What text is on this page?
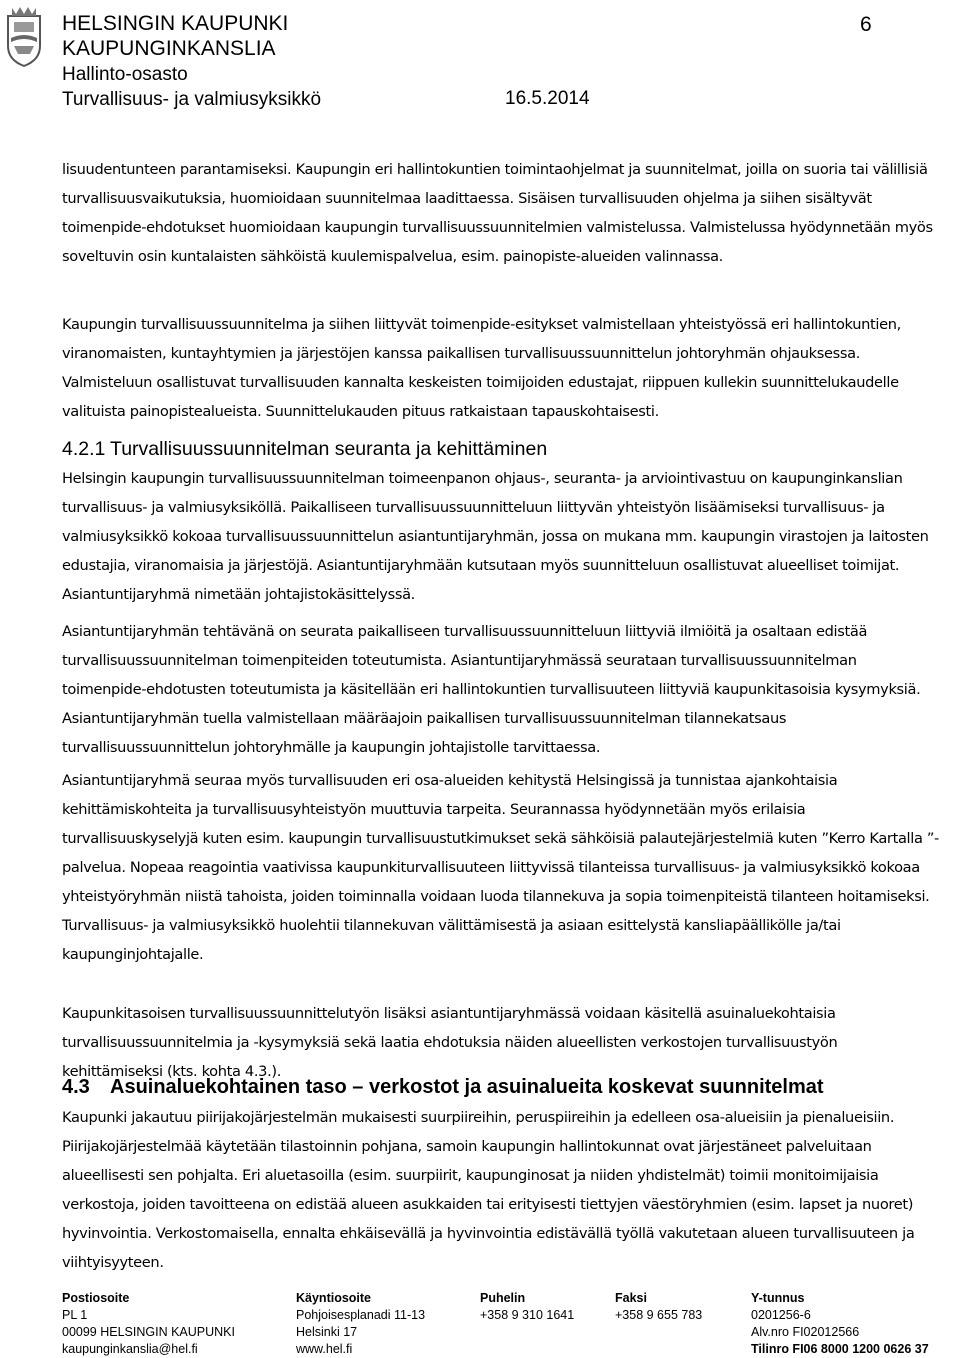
HELSINGIN KAUPUNKI
KAUPUNGINKANSLIA
Hallinto-osasto
Turvallisuus- ja valmiusyksikkö	16.5.2014
6

lisuudentunteen parantamiseksi. Kaupungin eri hallintokuntien toimintaohjelmat ja suunnitelmat, joilla on suoria tai välillisiä turvallisuusvaikutuksia, huomioidaan suunnitelmaa laadittaessa. Sisäisen turvallisuuden ohjelma ja siihen sisältyvät toimenpide-ehdotukset huomioidaan kaupungin turvallisuussuunnitelmien valmistelussa. Valmistelussa hyödynnetään myös soveltuvin osin kuntalaisten sähköistä kuulemispalvelua, esim. painopiste-alueiden valinnassa.

Kaupungin turvallisuussuunnitelma ja siihen liittyvät toimenpide-esitykset valmistellaan yhteistyössä eri hallintokuntien, viranomaisten, kuntayhtymien ja järjestöjen kanssa paikallisen turvallisuussuunnittelun johtoryhmän ohjauksessa. Valmisteluun osallistuvat turvallisuuden kannalta keskeisten toimijoiden edustajat, riippuen kullekin suunnittelukaudelle valituista painopistealueista. Suunnittelukauden pituus ratkaistaan tapauskohtaisesti.

4.2.1 Turvallisuussuunnitelman seuranta ja kehittäminen

Helsingin kaupungin turvallisuussuunnitelman toimeenpanon ohjaus-, seuranta- ja arviointivastuu on kaupunginkanslian turvallisuus- ja valmiusyksiköllä. Paikalliseen turvallisuussuunnitteluun liittyvän yhteistyön lisäämiseksi turvallisuus- ja valmiusyksikkö kokoaa turvallisuussuunnittelun asiantuntijaryhmän, jossa on mukana mm. kaupungin virastojen ja laitosten edustajia, viranomaisia ja järjestöjä. Asiantuntijaryhmään kutsutaan myös suunnitteluun osallistuvat alueelliset toimijat. Asiantuntijaryhmä nimetään johtajistokäsittelyssä.

Asiantuntijaryhmän tehtävänä on seurata paikalliseen turvallisuussuunnitteluun liittyviä ilmiöitä ja osaltaan edistää turvallisuussuunnitelman toimenpiteiden toteutumista. Asiantuntijaryhmässä seurataan turvallisuussuunnitelman toimenpide-ehdotusten toteutumista ja käsitellään eri hallintokuntien turvallisuuteen liittyviä kaupunkitasoisia kysymyksiä. Asiantuntijaryhmän tuella valmistellaan määräajoin paikallisen turvallisuussuunnitelman tilannekatsaus turvallisuussuunnittelun johtoryhmälle ja kaupungin johtajistolle tarvittaessa.

Asiantuntijaryhmä seuraa myös turvallisuuden eri osa-alueiden kehitystä Helsingissä ja tunnistaa ajankohtaisia kehittämiskohteita ja turvallisuusyhteistyön muuttuvia tarpeita. Seurannassa hyödynnetään myös erilaisia turvallisuuskyselyjä kuten esim. kaupungin turvallisuustutkimukset sekä sähköisiä palautejärjestelmiä kuten ”Kerro Kartalla ”-palvelua. Nopeaa reagointia vaativissa kaupunkiturvallisuuteen liittyvissä tilanteissa turvallisuus- ja valmiusyksikkö kokoaa yhteistyöryhmän niistä tahoista, joiden toiminnalla voidaan luoda tilannekuva ja sopia toimenpiteistä tilanteen hoitamiseksi. Turvallisuus- ja valmiusyksikkö huolehtii tilannekuvan välittämisestä ja asiaan esittelystä kansliapäällikölle ja/tai kaupunginjohtajalle.

Kaupunkitasoisen turvallisuussuunnittelutyön lisäksi asiantuntijaryhmässä voidaan käsitellä asuinaluekohtaisia turvallisuussuunnitelmia ja -kysymyksiä sekä laatia ehdotuksia näiden alueellisten verkostojen turvallisuustyön kehittämiseksi (kts. kohta 4.3.).

4.3 Asuinaluekohtainen taso – verkostot ja asuinalueita koskevat suunnitelmat

Kaupunki jakautuu piirijakojärjestelmän mukaisesti suurpiireihin, peruspiireihin ja edelleen osa-alueisiin ja pienalueisiin. Piirijakojärjestelmää käytetään tilastoinnin pohjana, samoin kaupungin hallintokunnat ovat järjestäneet palveluitaan alueellisesti sen pohjalta. Eri aluetasoilla (esim. suurpiirit, kaupunginosat ja niiden yhdistelmät) toimii monitoimijaisia verkostoja, joiden tavoitteena on edistää alueen asukkaiden tai erityisesti tiettyjen väestöryhmien (esim. lapset ja nuoret) hyvinvointia. Verkostomaisella, ennalta ehkäisevällä ja hyvinvointia edistävällä työllä vakutetaan alueen turvallisuuteen ja viihtyisyyteen.

Postiosoite
PL 1
00099 HELSINGIN KAUPUNKI
kaupunginkanslia@hel.fi
Käyntiosoite
Pohjoisesplanadi 11-13
Helsinki 17
www.hel.fi
Puhelin
+358 9 310 1641
Faksi
+358 9 655 783
Y-tunnus
0201256-6
Alv.nro FI02012566
Tilinro FI06 8000 1200 0626 37
